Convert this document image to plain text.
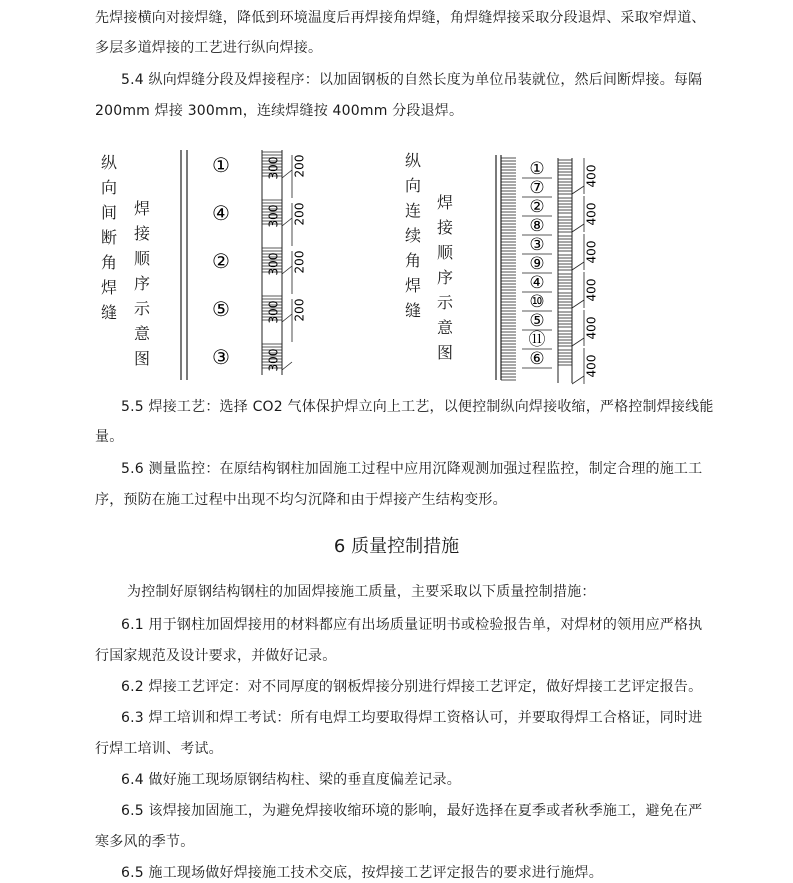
先焊接横向对接焊缝，降低到环境温度后再焊接角焊缝，角焊缝焊接采取分段退焊、采取窄焊道、
多层多道焊接的工艺进行纵向焊接。
5.4 纵向焊缝分段及焊接程序：以加固钢板的自然长度为单位吊装就位，然后间断焊接。每隔
200mm 焊接 300mm，连续焊缝按 400mm 分段退焊。
纵
向
间
断
角
焊
缝
焊
接
顺
序
示
意
图
①	300 200
④	300 200
②	300 200
⑤	300 200
③	300
纵
向
连
续
角
焊
缝
焊
接
顺
序
示
意
图
①
⑦
②
⑧
③
⑨
④
⑩
⑤
⑪
⑥
400
400
400
400
400
400
5.5 焊接工艺：选择 CO2 气体保护焊立向上工艺，以便控制纵向焊接收缩，严格控制焊接线能
量。
5.6 测量监控：在原结构钢柱加固施工过程中应用沉降观测加强过程监控，制定合理的施工工
序，预防在施工过程中出现不均匀沉降和由于焊接产生结构变形。
6 质量控制措施
为控制好原钢结构钢柱的加固焊接施工质量，主要采取以下质量控制措施：
6.1 用于钢柱加固焊接用的材料都应有出场质量证明书或检验报告单，对焊材的领用应严格执
行国家规范及设计要求，并做好记录。
6.2 焊接工艺评定：对不同厚度的钢板焊接分别进行焊接工艺评定，做好焊接工艺评定报告。
6.3 焊工培训和焊工考试：所有电焊工均要取得焊工资格认可，并要取得焊工合格证，同时进
行焊工培训、考试。
6.4 做好施工现场原钢结构柱、梁的垂直度偏差记录。
6.5 该焊接加固施工，为避免焊接收缩环境的影响，最好选择在夏季或者秋季施工，避免在严
寒多风的季节。
6.5 施工现场做好焊接施工技术交底，按焊接工艺评定报告的要求进行施焊。
